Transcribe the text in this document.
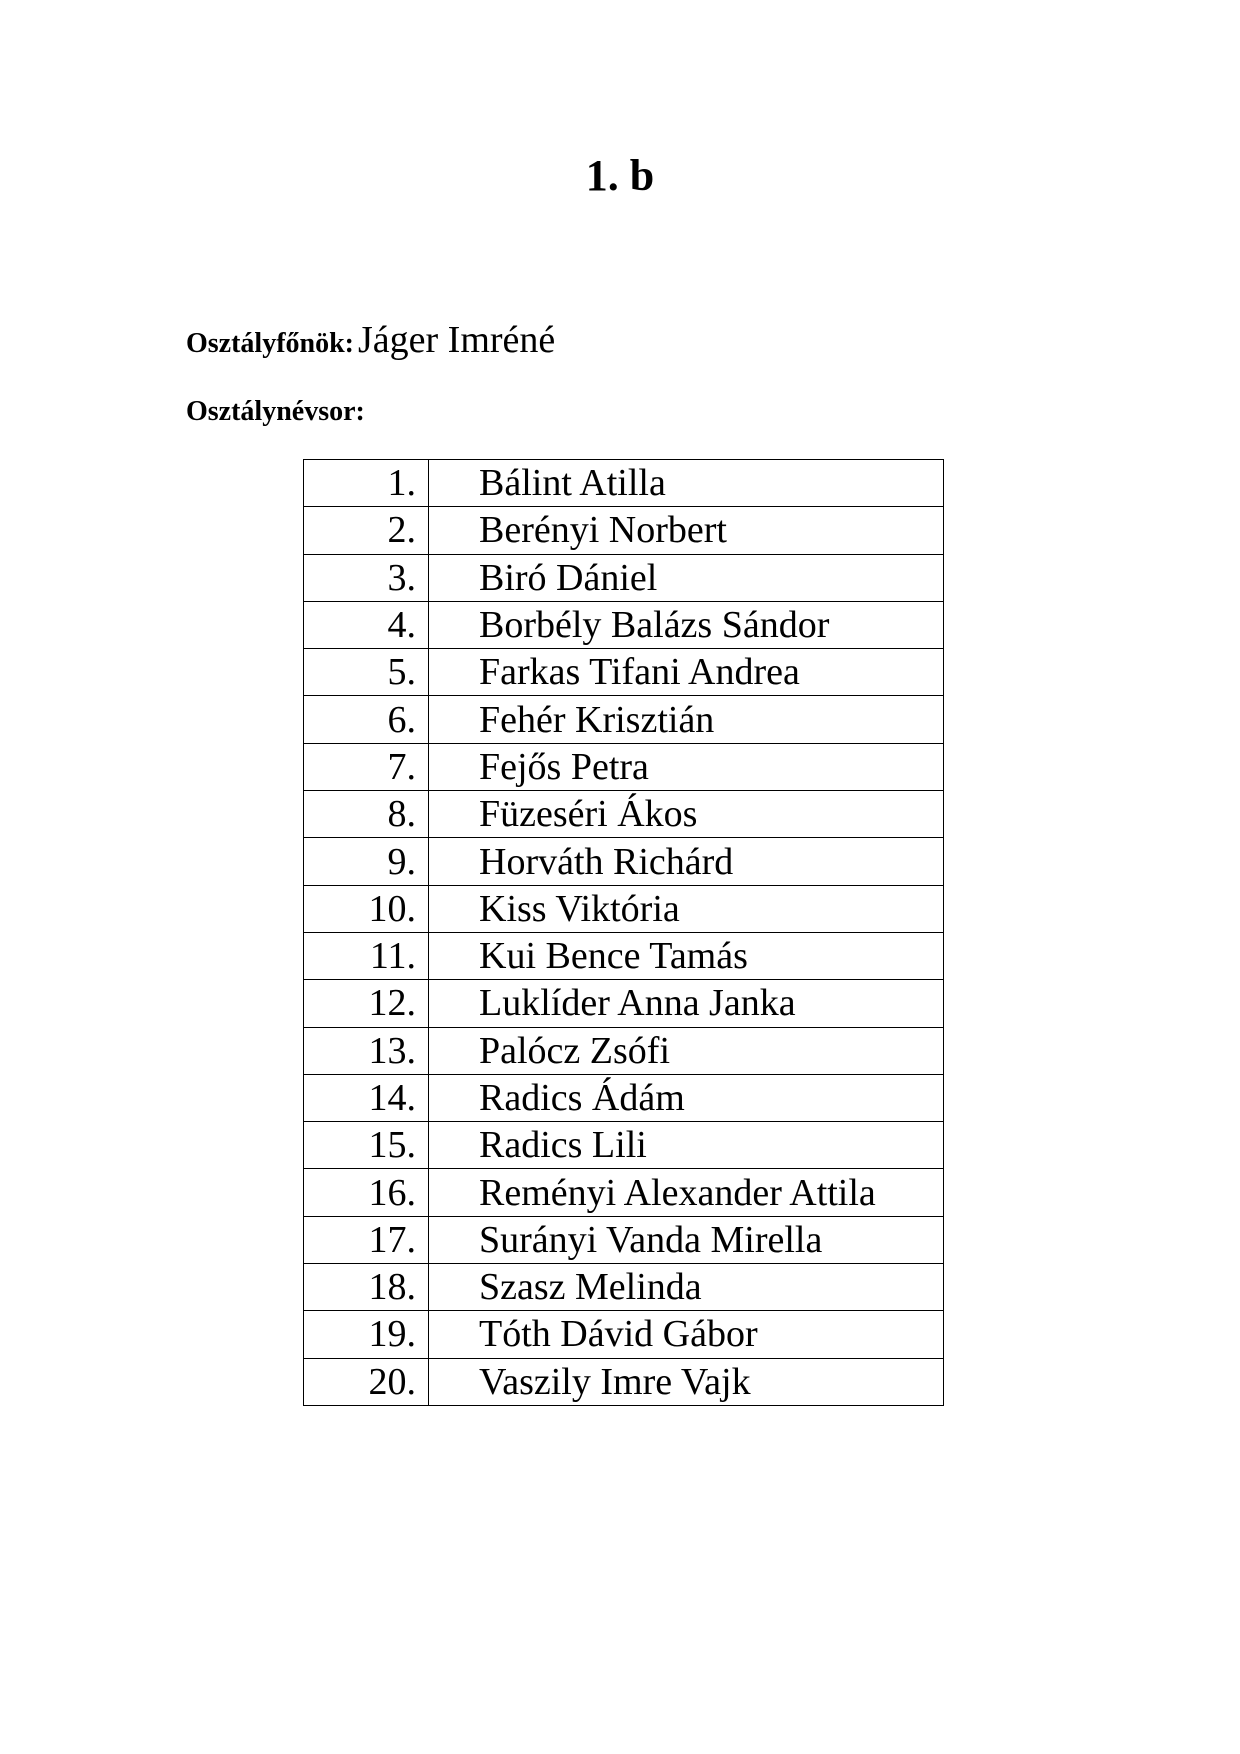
1. b
Osztályfőnök: Jáger Imréné
Osztálynévsor:
1.	Bálint Atilla
2.	Berényi Norbert
3.	Biró Dániel
4.	Borbély Balázs Sándor
5.	Farkas Tifani Andrea
6.	Fehér Krisztián
7.	Fejős Petra
8.	Füzeséri Ákos
9.	Horváth Richárd
10.	Kiss Viktória
11.	Kui Bence Tamás
12.	Luklíder Anna Janka
13.	Palócz Zsófi
14.	Radics Ádám
15.	Radics Lili
16.	Reményi Alexander Attila
17.	Surányi Vanda Mirella
18.	Szasz Melinda
19.	Tóth Dávid Gábor
20.	Vaszily Imre Vajk
